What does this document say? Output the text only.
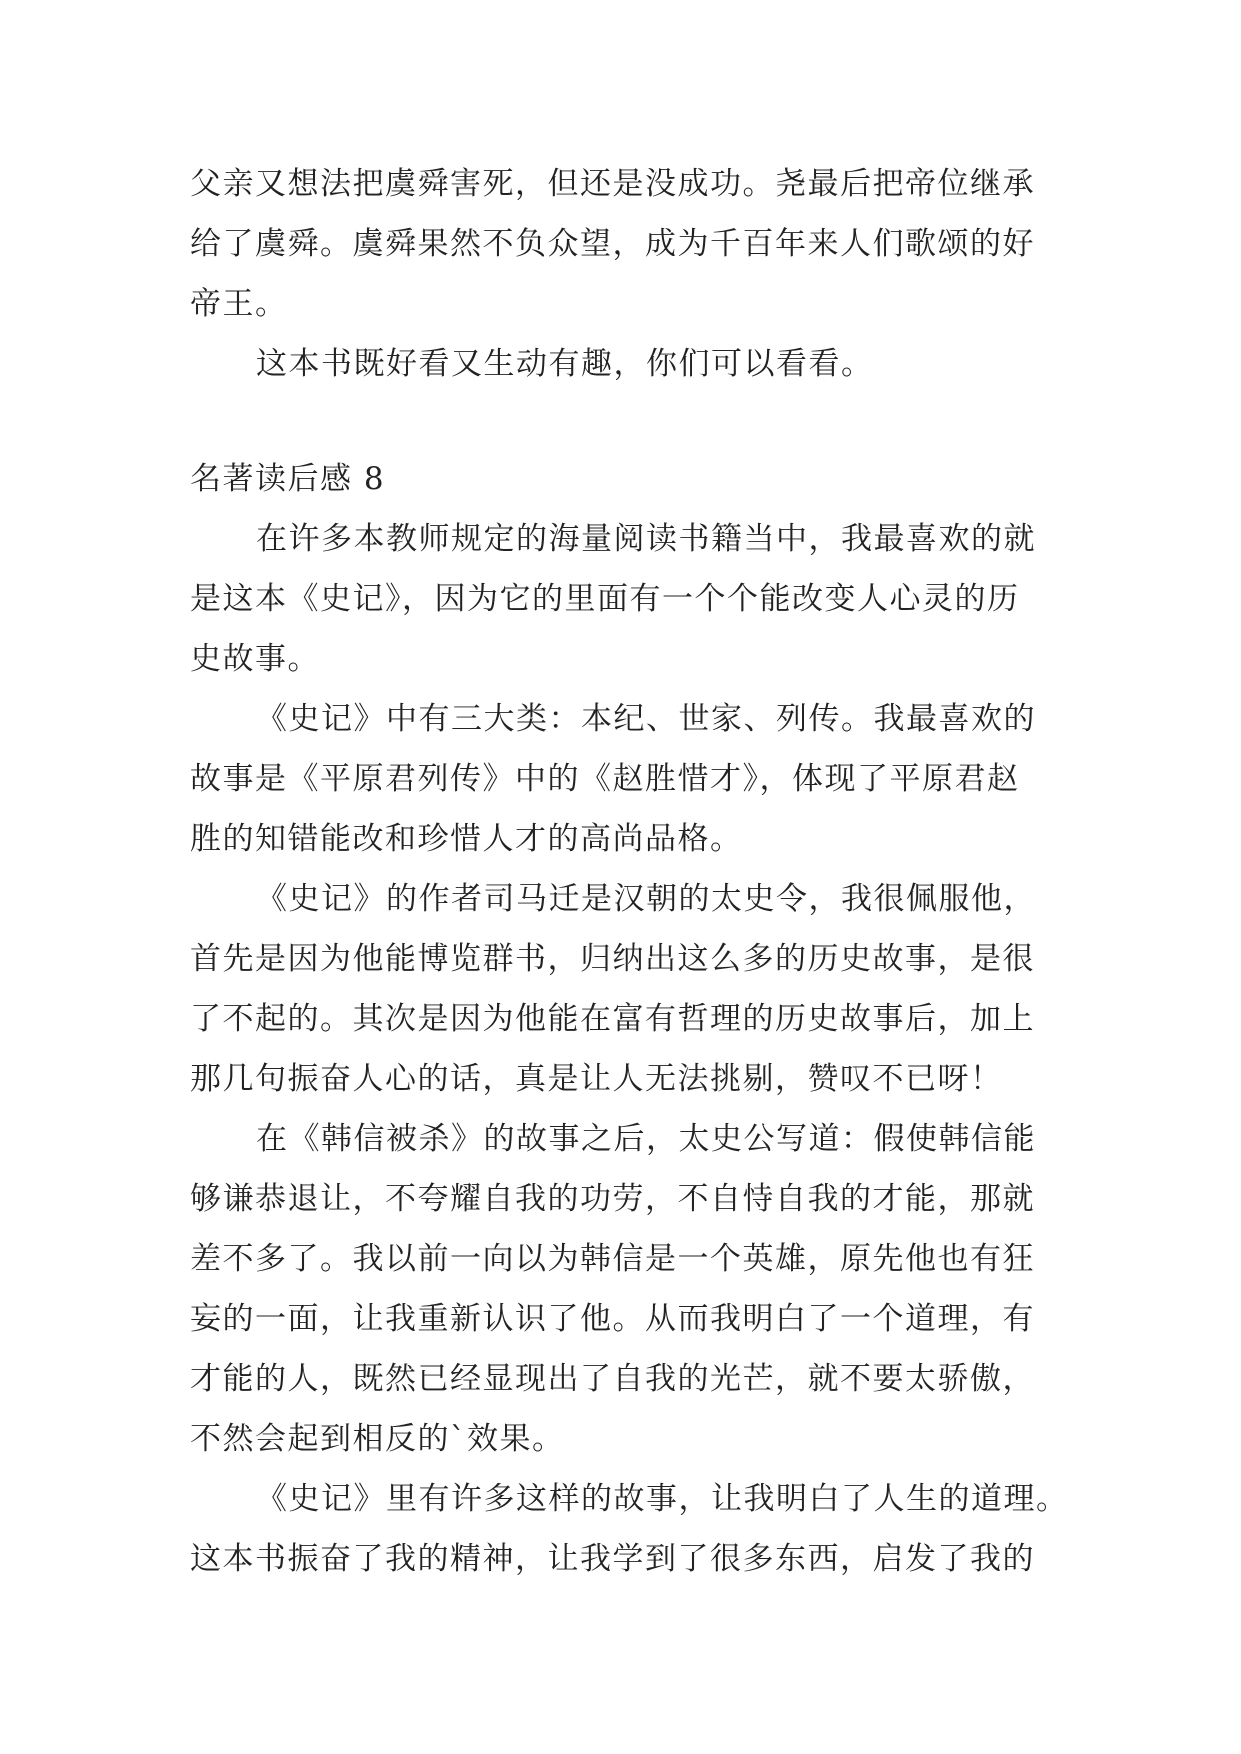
父亲又想法把虞舜害死，但还是没成功。尧最后把帝位继承
给了虞舜。虞舜果然不负众望，成为千百年来人们歌颂的好
帝王。
这本书既好看又生动有趣，你们可以看看。
名著读后感 8
在许多本教师规定的海量阅读书籍当中，我最喜欢的就
是这本《史记》，因为它的里面有一个个能改变人心灵的历
史故事。
《史记》中有三大类：本纪、世家、列传。我最喜欢的
故事是《平原君列传》中的《赵胜惜才》，体现了平原君赵
胜的知错能改和珍惜人才的高尚品格。
《史记》的作者司马迁是汉朝的太史令，我很佩服他，
首先是因为他能博览群书，归纳出这么多的历史故事，是很
了不起的。其次是因为他能在富有哲理的历史故事后，加上
那几句振奋人心的话，真是让人无法挑剔，赞叹不已呀！
在《韩信被杀》的故事之后，太史公写道：假使韩信能
够谦恭退让，不夸耀自我的功劳，不自恃自我的才能，那就
差不多了。我以前一向以为韩信是一个英雄，原先他也有狂
妄的一面，让我重新认识了他。从而我明白了一个道理，有
才能的人，既然已经显现出了自我的光芒，就不要太骄傲，
不然会起到相反的`效果。
《史记》里有许多这样的故事，让我明白了人生的道理。
这本书振奋了我的精神，让我学到了很多东西，启发了我的
